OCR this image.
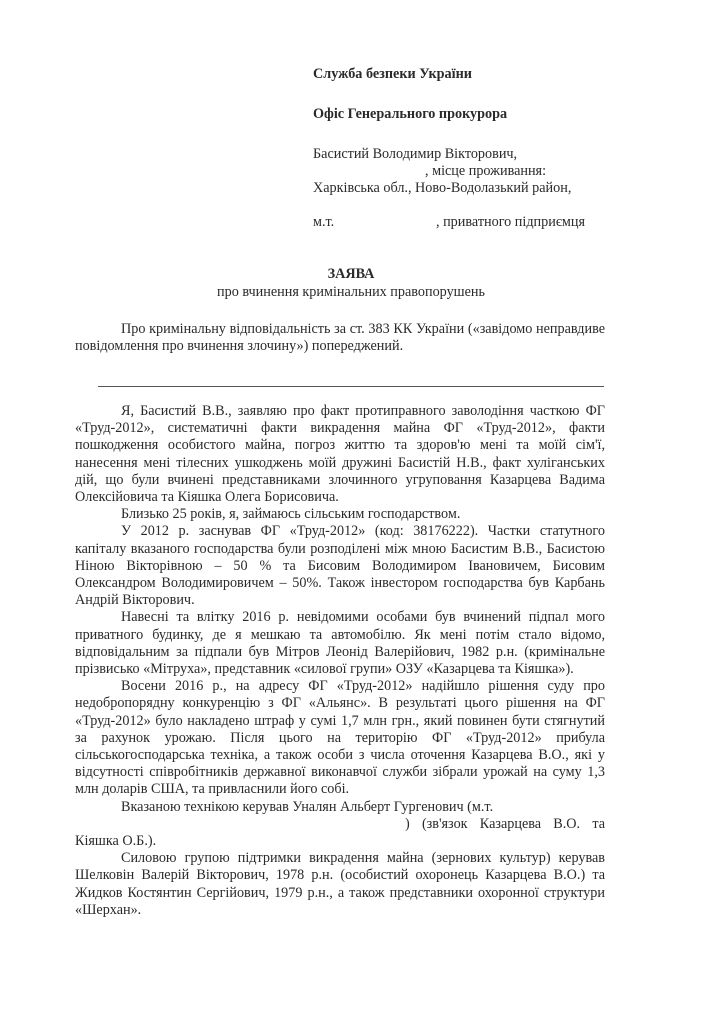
Служба безпеки України
Офіс Генерального прокурора
Басистий Володимир Вікторович,
, місце проживання:
Харківська обл., Ново-Водолазький район,
м.т.	, приватного підприємця
ЗАЯВА
про вчинення кримінальних правопорушень

Про кримінальну відповідальність за ст. 383 КК України («завідомо неправдиве повідомлення про вчинення злочину») попереджений.

Я, Басистий В.В., заявляю про факт протиправного заволодіння часткою ФГ «Труд-2012», систематичні факти викрадення майна ФГ «Труд-2012», факти пошкодження особистого майна, погроз життю та здоров'ю мені та моїй сім'ї, нанесення мені тілесних ушкоджень моїй дружині Басистій Н.В., факт хуліганських дій, що були вчинені представниками злочинного угруповання Казарцева Вадима Олексійовича та Кіяшка Олега Борисовича.

Близько 25 років, я, займаюсь сільським господарством.

У 2012 р. заснував ФГ «Труд-2012» (код: 38176222). Частки статутного капіталу вказаного господарства були розподілені між мною Басистим В.В., Басистою Ніною Вікторівною – 50 % та Бисовим Володимиром Івановичем, Бисовим Олександром Володимировичем – 50%. Також інвестором господарства був Карбань Андрій Вікторович.

Навесні та влітку 2016 р. невідомими особами був вчинений підпал мого приватного будинку, де я мешкаю та автомобілю. Як мені потім стало відомо, відповідальним за підпали був Мітров Леонід Валерійович, 1982 р.н. (кримінальне прізвисько «Мітруха», представник «силової групи» ОЗУ «Казарцева та Кіяшка»).

Восени 2016 р., на адресу ФГ «Труд-2012» надійшло рішення суду про недобропорядну конкуренцію з ФГ «Альянс». В результаті цього рішення на ФГ «Труд-2012» було накладено штраф у сумі 1,7 млн грн., який повинен бути стягнутий за рахунок урожаю. Після цього на територію ФГ «Труд-2012» прибула сільськогосподарська техніка, а також особи з числа оточення Казарцева В.О., які у відсутності співробітників державної виконавчої служби зібрали урожай на суму 1,3 млн доларів США, та привласнили його собі.

Вказаною технікою керував Уналян Альберт Гургенович (м.т.
) (зв'язок Казарцева В.О. та Кіяшка О.Б.).

Силовою групою підтримки викрадення майна (зернових культур) керував Шелковін Валерій Вікторович, 1978 р.н. (особистий охоронець Казарцева В.О.) та Жидков Костянтин Сергійович, 1979 р.н., а також представники охоронної структури «Шерхан».
